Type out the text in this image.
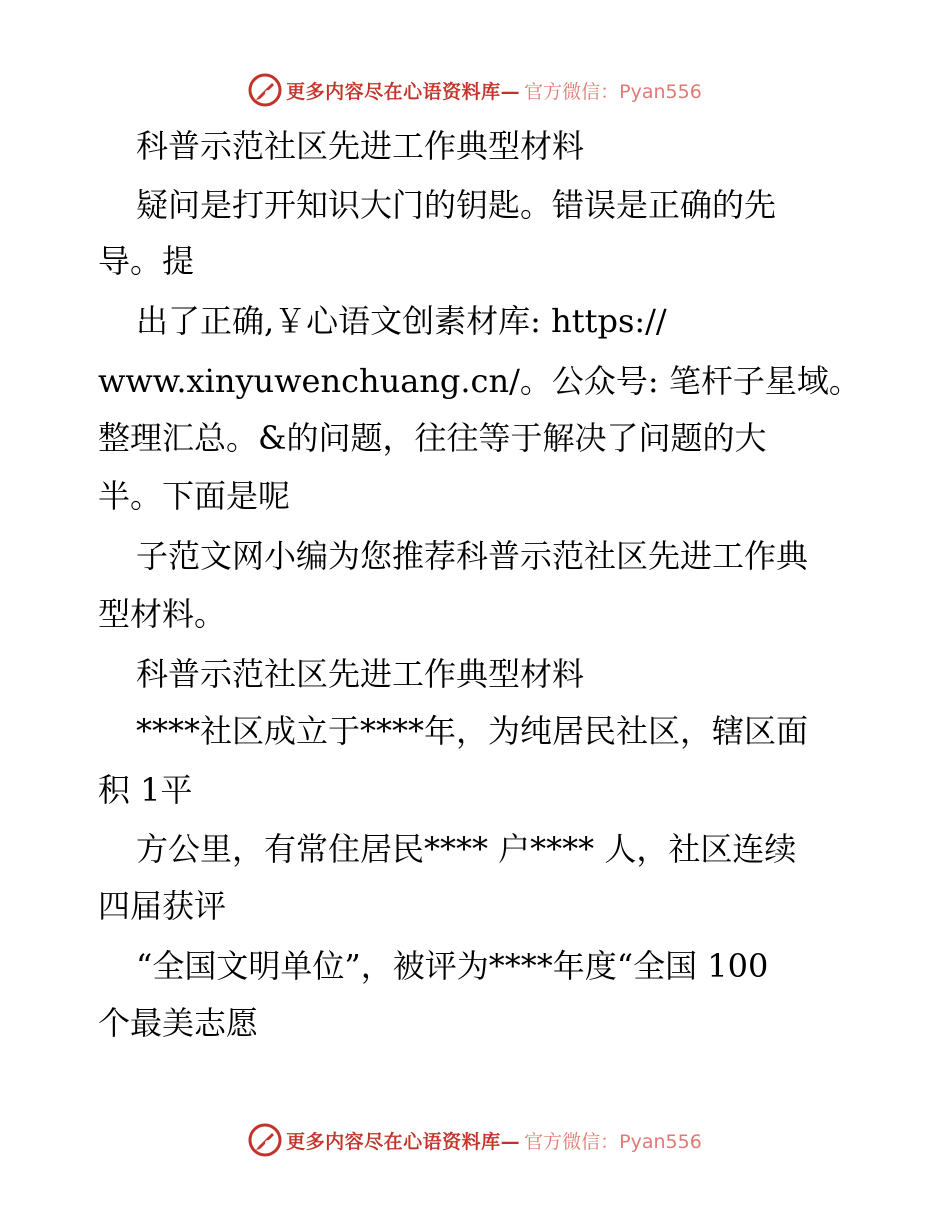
更多内容尽在心语资料库— 官方微信：Pyan556
科普示范社区先进工作典型材料
疑问是打开知识大门的钥匙。错误是正确的先
导。提
出了正确,￥心语文创素材库: https://
www.xinyuwenchuang.cn/。公众号: 笔杆子星域。
整理汇总。&的问题，往往等于解决了问题的大
半。下面是呢
子范文网小编为您推荐科普示范社区先进工作典
型材料。
科普示范社区先进工作典型材料
****社区成立于****年，为纯居民社区，辖区面
积 1平
方公里，有常住居民**** 户**** 人，社区连续
四届获评
“全国文明单位”，被评为****年度“全国 100
个最美志愿
更多内容尽在心语资料库— 官方微信：Pyan556
